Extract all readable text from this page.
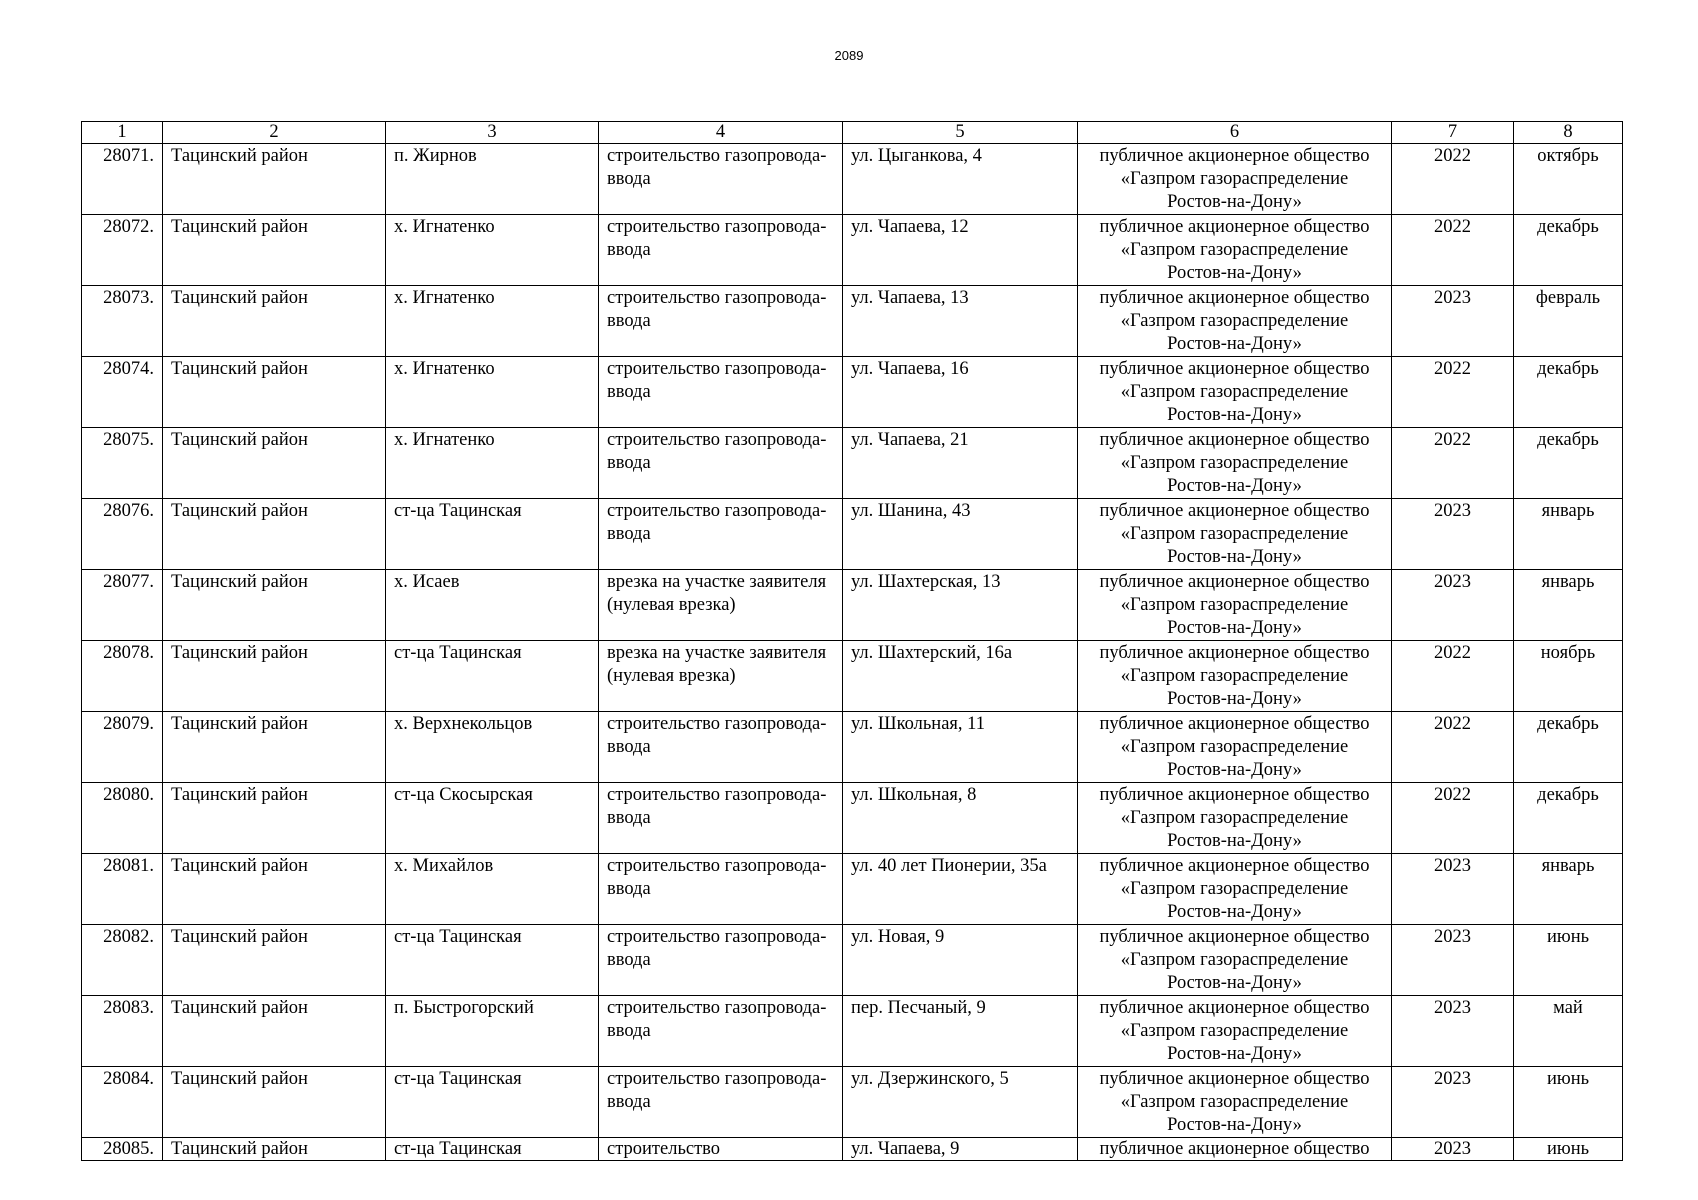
2089
1	2	3	4	5	6	7	8
28071.	Тацинский район	п. Жирнов	строительство газопровода-ввода	ул. Цыганкова, 4	публичное акционерное общество
«Газпром газораспределение
Ростов-на-Дону»	2022	октябрь
28072.	Тацинский район	х. Игнатенко	строительство газопровода-ввода	ул. Чапаева, 12	публичное акционерное общество
«Газпром газораспределение
Ростов-на-Дону»	2022	декабрь
28073.	Тацинский район	х. Игнатенко	строительство газопровода-ввода	ул. Чапаева, 13	публичное акционерное общество
«Газпром газораспределение
Ростов-на-Дону»	2023	февраль
28074.	Тацинский район	х. Игнатенко	строительство газопровода-ввода	ул. Чапаева, 16	публичное акционерное общество
«Газпром газораспределение
Ростов-на-Дону»	2022	декабрь
28075.	Тацинский район	х. Игнатенко	строительство газопровода-ввода	ул. Чапаева, 21	публичное акционерное общество
«Газпром газораспределение
Ростов-на-Дону»	2022	декабрь
28076.	Тацинский район	ст-ца Тацинская	строительство газопровода-ввода	ул. Шанина, 43	публичное акционерное общество
«Газпром газораспределение
Ростов-на-Дону»	2023	январь
28077.	Тацинский район	х. Исаев	врезка на участке заявителя (нулевая врезка)	ул. Шахтерская, 13	публичное акционерное общество
«Газпром газораспределение
Ростов-на-Дону»	2023	январь
28078.	Тацинский район	ст-ца Тацинская	врезка на участке заявителя (нулевая врезка)	ул. Шахтерский, 16а	публичное акционерное общество
«Газпром газораспределение
Ростов-на-Дону»	2022	ноябрь
28079.	Тацинский район	х. Верхнекольцов	строительство газопровода-ввода	ул. Школьная, 11	публичное акционерное общество
«Газпром газораспределение
Ростов-на-Дону»	2022	декабрь
28080.	Тацинский район	ст-ца Скосырская	строительство газопровода-ввода	ул. Школьная, 8	публичное акционерное общество
«Газпром газораспределение
Ростов-на-Дону»	2022	декабрь
28081.	Тацинский район	х. Михайлов	строительство газопровода-ввода	ул. 40 лет Пионерии, 35а	публичное акционерное общество
«Газпром газораспределение
Ростов-на-Дону»	2023	январь
28082.	Тацинский район	ст-ца Тацинская	строительство газопровода-ввода	ул. Новая, 9	публичное акционерное общество
«Газпром газораспределение
Ростов-на-Дону»	2023	июнь
28083.	Тацинский район	п. Быстрогорский	строительство газопровода-ввода	пер. Песчаный, 9	публичное акционерное общество
«Газпром газораспределение
Ростов-на-Дону»	2023	май
28084.	Тацинский район	ст-ца Тацинская	строительство газопровода-ввода	ул. Дзержинского, 5	публичное акционерное общество
«Газпром газораспределение
Ростов-на-Дону»	2023	июнь
28085.	Тацинский район	ст-ца Тацинская	строительство	ул. Чапаева, 9	публичное акционерное общество	2023	июнь
